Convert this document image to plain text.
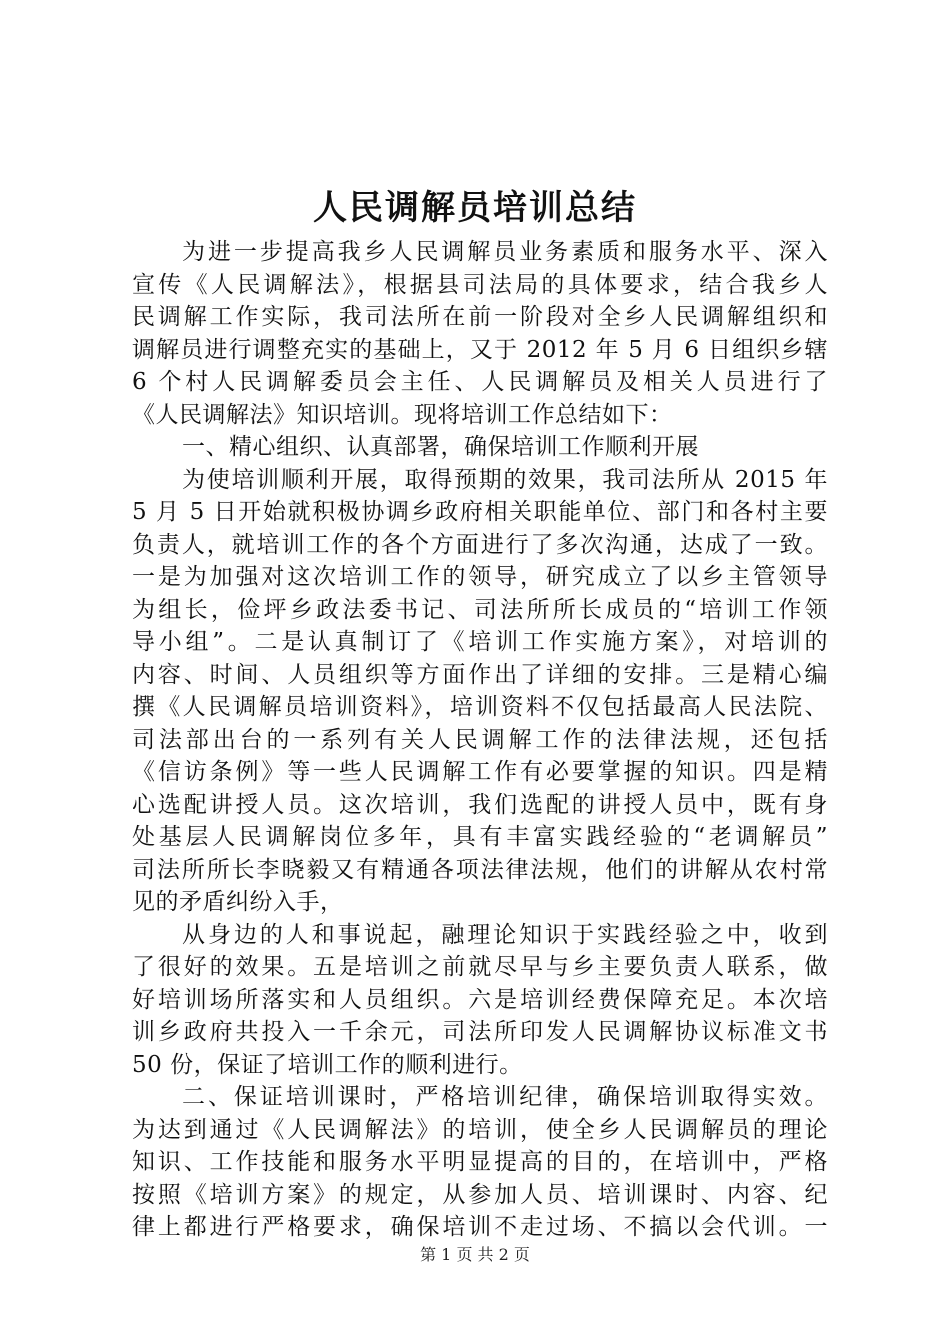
人民调解员培训总结
为进一步提高我乡人民调解员业务素质和服务水平、深入
宣传《人民调解法》，根据县司法局的具体要求，结合我乡人
民调解工作实际，我司法所在前一阶段对全乡人民调解组织和
调解员进行调整充实的基础上，又于 2012 年 5 月 6 日组织乡辖
6 个村人民调解委员会主任、人民调解员及相关人员进行了
《人民调解法》知识培训。现将培训工作总结如下：
一、精心组织、认真部署，确保培训工作顺利开展
为使培训顺利开展，取得预期的效果，我司法所从 2015 年
5 月 5 日开始就积极协调乡政府相关职能单位、部门和各村主要
负责人，就培训工作的各个方面进行了多次沟通，达成了一致。
一是为加强对这次培训工作的领导，研究成立了以乡主管领导
为组长，俭坪乡政法委书记、司法所所长成员的“培训工作领
导小组”。二是认真制订了《培训工作实施方案》，对培训的
内容、时间、人员组织等方面作出了详细的安排。三是精心编
撰《人民调解员培训资料》，培训资料不仅包括最高人民法院、
司法部出台的一系列有关人民调解工作的法律法规，还包括
《信访条例》等一些人民调解工作有必要掌握的知识。四是精
心选配讲授人员。这次培训，我们选配的讲授人员中，既有身
处基层人民调解岗位多年，具有丰富实践经验的“老调解员”
司法所所长李晓毅又有精通各项法律法规，他们的讲解从农村常
见的矛盾纠纷入手，
从身边的人和事说起，融理论知识于实践经验之中，收到
了很好的效果。五是培训之前就尽早与乡主要负责人联系，做
好培训场所落实和人员组织。六是培训经费保障充足。本次培
训乡政府共投入一千余元，司法所印发人民调解协议标准文书
50 份，保证了培训工作的顺利进行。
二、保证培训课时，严格培训纪律，确保培训取得实效。
为达到通过《人民调解法》的培训，使全乡人民调解员的理论
知识、工作技能和服务水平明显提高的目的，在培训中，严格
按照《培训方案》的规定，从参加人员、培训课时、内容、纪
律上都进行严格要求，确保培训不走过场、不搞以会代训。一
第 1 页 共 2 页
